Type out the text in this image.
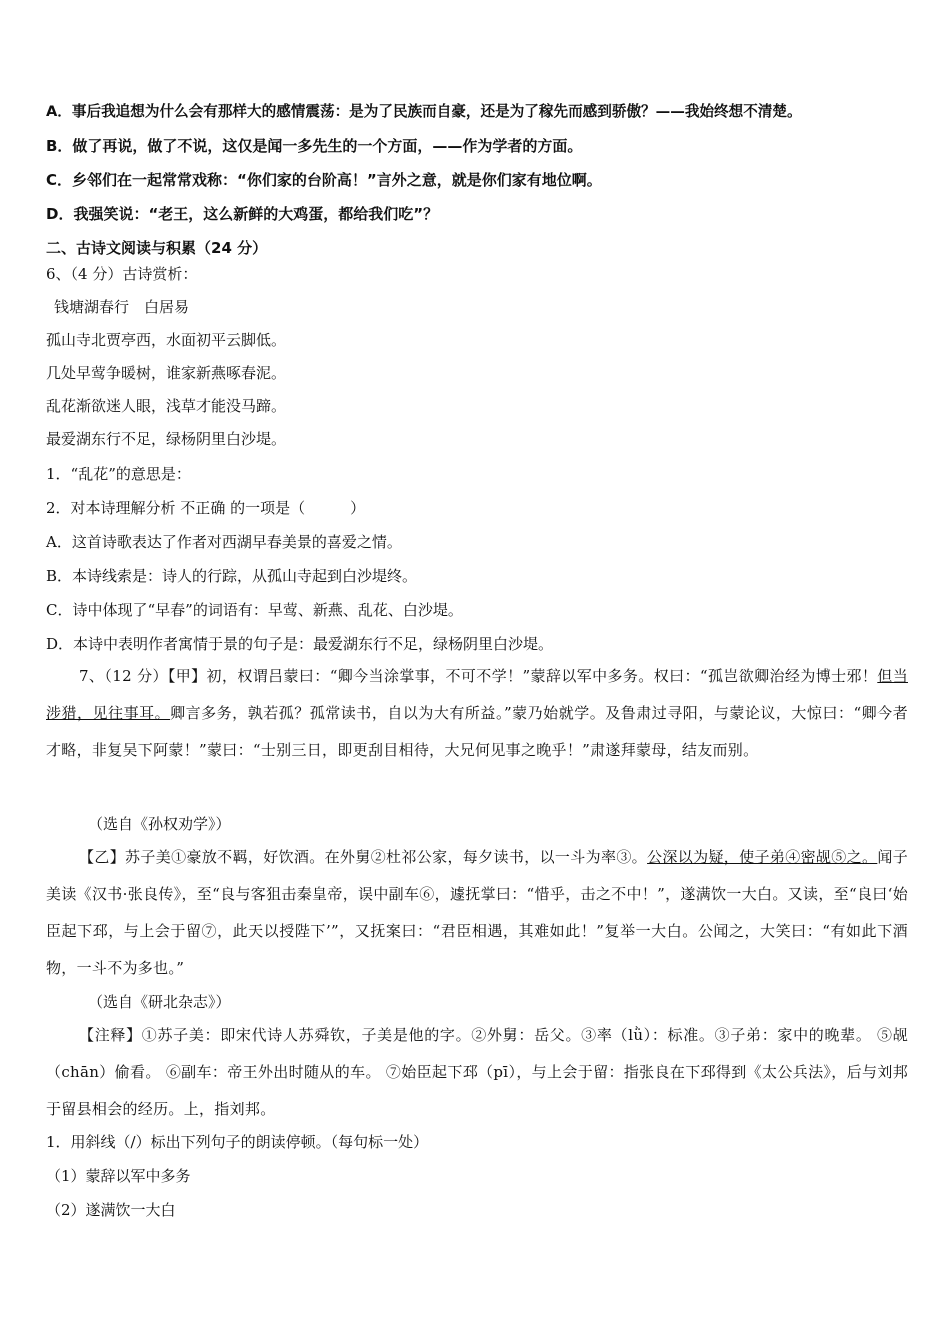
A．事后我追想为什么会有那样大的感情震荡：是为了民族而自豪，还是为了稼先而感到骄傲？——我始终想不清楚。
B．做了再说，做了不说，这仅是闻一多先生的一个方面，——作为学者的方面。
C．乡邻们在一起常常戏称：“你们家的台阶高！”言外之意，就是你们家有地位啊。
D．我强笑说：“老王，这么新鲜的大鸡蛋，都给我们吃”？
二、古诗文阅读与积累（24 分）
6、（4 分）古诗赏析：
钱塘湖春行　白居易
孤山寺北贾亭西，水面初平云脚低。
几处早莺争暖树，谁家新燕啄春泥。
乱花渐欲迷人眼，浅草才能没马蹄。
最爱湖东行不足，绿杨阴里白沙堤。
1．“乱花”的意思是：
2．对本诗理解分析 不正确 的一项是（　　　）
A．这首诗歌表达了作者对西湖早春美景的喜爱之情。
B．本诗线索是：诗人的行踪，从孤山寺起到白沙堤终。
C．诗中体现了“早春”的词语有：早莺、新燕、乱花、白沙堤。
D．本诗中表明作者寓情于景的句子是：最爱湖东行不足，绿杨阴里白沙堤。
7、（12 分）【甲】初，权谓吕蒙曰：“卿今当涂掌事，不可不学！”蒙辞以军中多务。权曰：“孤岂欲卿治经为博士邪！但当涉猎，见往事耳。卿言多务，孰若孤？孤常读书，自以为大有所益。”蒙乃始就学。及鲁肃过寻阳，与蒙论议，大惊曰：“卿今者才略，非复吴下阿蒙！”蒙曰：“士别三日，即更刮目相待，大兄何见事之晚乎！”肃遂拜蒙母，结友而别。
（选自《孙权劝学》）
【乙】苏子美①豪放不羁，好饮酒。在外舅②杜祁公家，每夕读书，以一斗为率③。公深以为疑，使子弟④密觇⑤之。闻子美读《汉书·张良传》，至“良与客狙击秦皇帝，误中副车⑥，遽抚掌曰：“惜乎，击之不中！”，遂满饮一大白。又读，至“良曰‘始臣起下邳，与上会于留⑦，此天以授陛下’”，又抚案曰：“君臣相遇，其难如此！”复举一大白。公闻之，大笑曰：“有如此下酒物，一斗不为多也。”
（选自《研北杂志》）
【注释】①苏子美：即宋代诗人苏舜钦，子美是他的字。②外舅：岳父。③率（lǜ）：标准。③子弟：家中的晚辈。 ⑤觇（chān）偷看。 ⑥副车：帝王外出时随从的车。 ⑦始臣起下邳（pī），与上会于留：指张良在下邳得到《太公兵法》，后与刘邦于留县相会的经历。上，指刘邦。
1．用斜线（/）标出下列句子的朗读停顿。（每句标一处）
（1）蒙辞以军中多务
（2）遂满饮一大白
